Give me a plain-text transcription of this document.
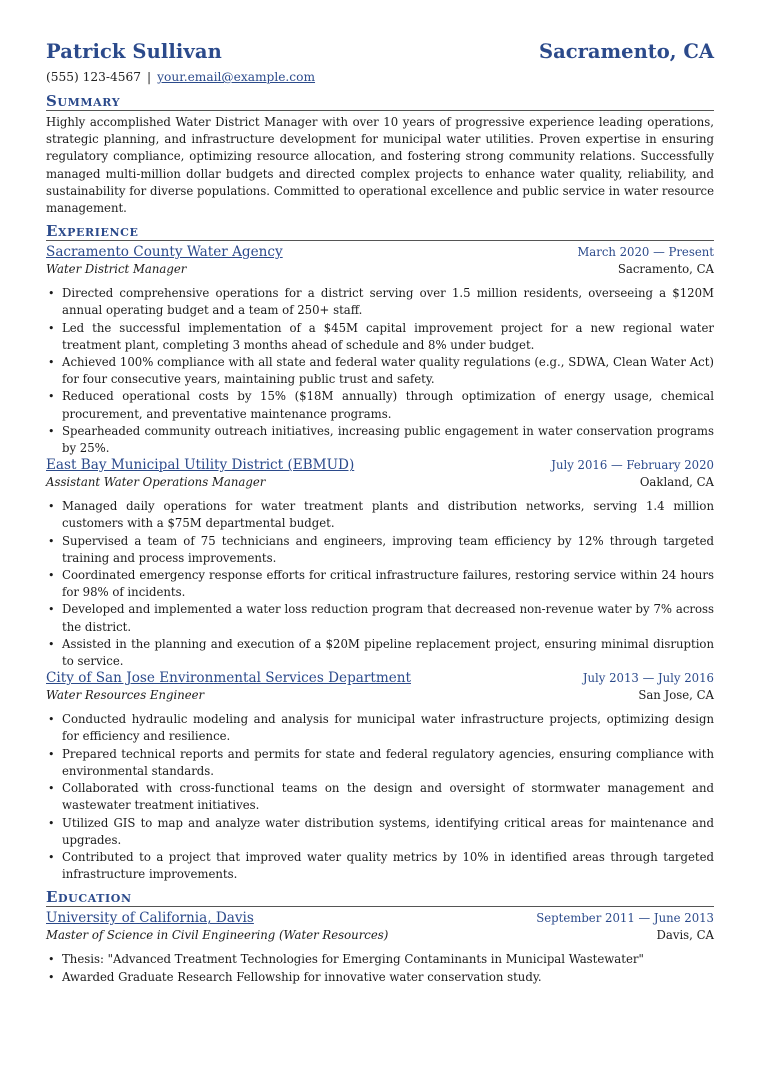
Patrick Sullivan	Sacramento, CA
(555) 123-4567 | your.email@example.com
Summary
Highly accomplished Water District Manager with over 10 years of progressive experience leading operations, strategic planning, and infrastructure development for municipal water utilities. Proven expertise in ensuring regulatory compliance, optimizing resource allocation, and fostering strong community relations. Successfully managed multi-million dollar budgets and directed complex projects to enhance water quality, reliability, and sustainability for diverse populations. Committed to operational excellence and public service in water resource management.
Experience
Sacramento County Water Agency	March 2020 — Present
Water District Manager	Sacramento, CA
• Directed comprehensive operations for a district serving over 1.5 million residents, overseeing a $120M annual operating budget and a team of 250+ staff.
• Led the successful implementation of a $45M capital improvement project for a new regional water treatment plant, completing 3 months ahead of schedule and 8% under budget.
• Achieved 100% compliance with all state and federal water quality regulations (e.g., SDWA, Clean Water Act) for four consecutive years, maintaining public trust and safety.
• Reduced operational costs by 15% ($18M annually) through optimization of energy usage, chemical procurement, and preventative maintenance programs.
• Spearheaded community outreach initiatives, increasing public engagement in water conservation programs by 25%.
East Bay Municipal Utility District (EBMUD)	July 2016 — February 2020
Assistant Water Operations Manager	Oakland, CA
• Managed daily operations for water treatment plants and distribution networks, serving 1.4 million customers with a $75M departmental budget.
• Supervised a team of 75 technicians and engineers, improving team efficiency by 12% through targeted training and process improvements.
• Coordinated emergency response efforts for critical infrastructure failures, restoring service within 24 hours for 98% of incidents.
• Developed and implemented a water loss reduction program that decreased non-revenue water by 7% across the district.
• Assisted in the planning and execution of a $20M pipeline replacement project, ensuring minimal disruption to service.
City of San Jose Environmental Services Department	July 2013 — July 2016
Water Resources Engineer	San Jose, CA
• Conducted hydraulic modeling and analysis for municipal water infrastructure projects, optimizing design for efficiency and resilience.
• Prepared technical reports and permits for state and federal regulatory agencies, ensuring compliance with environmental standards.
• Collaborated with cross-functional teams on the design and oversight of stormwater management and wastewater treatment initiatives.
• Utilized GIS to map and analyze water distribution systems, identifying critical areas for maintenance and upgrades.
• Contributed to a project that improved water quality metrics by 10% in identified areas through targeted infrastructure improvements.
Education
University of California, Davis	September 2011 — June 2013
Master of Science in Civil Engineering (Water Resources)	Davis, CA
• Thesis: "Advanced Treatment Technologies for Emerging Contaminants in Municipal Wastewater"
• Awarded Graduate Research Fellowship for innovative water conservation study.
